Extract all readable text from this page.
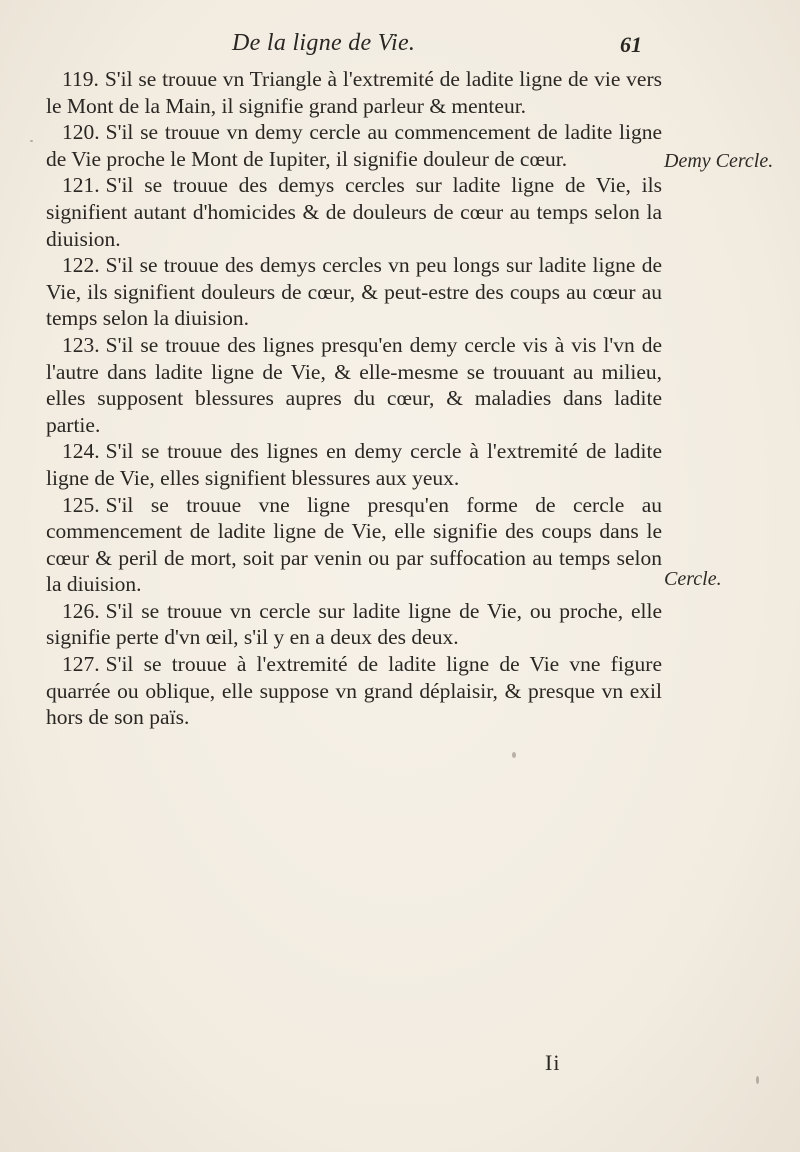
De la ligne de Vie.	61

119. S'il se trouue vn Triangle à l'extremité de ladite ligne de vie vers le Mont de la Main, il signifie grand parleur & menteur.

120. S'il se trouue vn demy cercle au commencement de ladite ligne de Vie proche le Mont de Iupiter, il signifie douleur de cœur.

121. S'il se trouue des demys cercles sur ladite ligne de Vie, ils signifient autant d'homicides & de douleurs de cœur au temps selon la diuision.

122. S'il se trouue des demys cercles vn peu longs sur ladite ligne de Vie, ils signifient douleurs de cœur, & peut-estre des coups au cœur au temps selon la diuision.

123. S'il se trouue des lignes presqu'en demy cercle vis à vis l'vn de l'autre dans ladite ligne de Vie, & elle-mesme se trouuant au milieu, elles supposent blessures aupres du cœur, & maladies dans ladite partie.

124. S'il se trouue des lignes en demy cercle à l'extremité de ladite ligne de Vie, elles signifient blessures aux yeux.

125. S'il se trouue vne ligne presqu'en forme de cercle au commencement de ladite ligne de Vie, elle signifie des coups dans le cœur & peril de mort, soit par venin ou par suffocation au temps selon la diuision.

126. S'il se trouue vn cercle sur ladite ligne de Vie, ou proche, elle signifie perte d'vn œil, s'il y en a deux des deux.

127. S'il se trouue à l'extremité de ladite ligne de Vie vne figure quarrée ou oblique, elle suppose vn grand déplaisir, & presque vn exil hors de son païs.

Demy Cercle.
Cercle.
Ii
